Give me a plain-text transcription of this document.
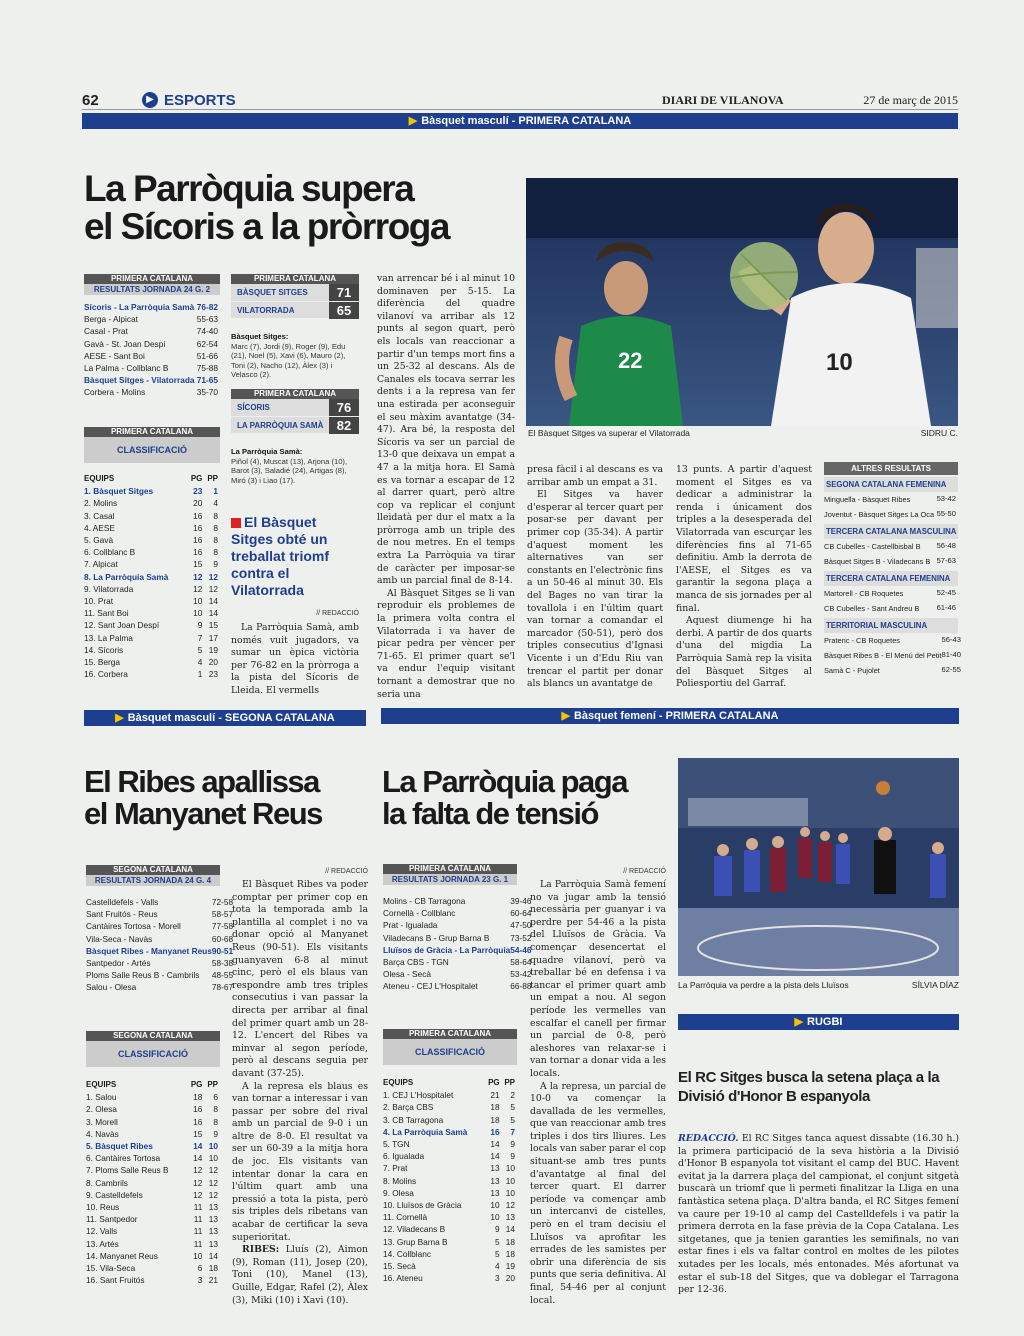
62	▶ ESPORTS	DIARI DE VILANOVA	27 de març de 2015
▶ Bàsquet masculí - PRIMERA CATALANA
La Parròquia supera
el Sícoris a la pròrroga
22	10
El Bàsquet Sitges va superar el Vilatorrada	SIDRU C.
PRIMERA CATALANA
RESULTATS JORNADA 24 G. 2
Sícoris - La Parròquia Samà	76-82
Berga - Alpicat	55-63
Casal - Prat	74-40
Gavà - St. Joan Despí	62-54
AESE - Sant Boi	51-66
La Palma - Collblanc B	75-88
Bàsquet Sitges - Vilatorrada	71-65
Corbera - Molins	35-70
PRIMERA CATALANA
CLASSIFICACIÓ
EQUIPS	PG	PP
1. Bàsquet Sitges	23	1
2. Molins	20	4
3. Casal	16	8
4. AESE	16	8
5. Gavà	16	8
6. Collblanc B	16	8
7. Alpicat	15	9
8. La Parròquia Samà	12	12
9. Vilatorrada	12	12
10. Prat	10	14
11. Sant Boi	10	14
12. Sant Joan Despí	9	15
13. La Palma	7	17
14. Sícoris	5	19
15. Berga	4	20
16. Corbera	1	23
PRIMERA CATALANA
BÀSQUET SITGES	71
VILATORRADA	65
Bàsquet Sitges:
Marc (7), Jordi (9), Roger (9), Edu (21), Noel (5), Xavi (6), Mauro (2), Toni (2), Nacho (12), Àlex (3) i Velasco (2).
PRIMERA CATALANA
SÍCORIS	76
LA PARRÒQUIA SAMÀ	82
La Parròquia Samà:
Piñol (4), Muscat (13), Arjona (10), Barot (3), Saladié (24), Artigas (8), Miró (3) i Liao (17).
El Bàsquet Sitges obté un treballat triomf contra el Vilatorrada
// REDACCIÓ

La Parròquia Samà, amb només vuit jugadors, va sumar un èpica victòria per 76-82 en la pròrroga a la pista del Sícoris de Lleida. El vermells

van arrencar bé i al minut 10 dominaven per 5-15. La diferència del quadre vilanoví va arribar als 12 punts al segon quart, però els locals van reaccionar a partir d'un temps mort fins a un 25-32 al descans. Als de Canales els tocava serrar les dents i a la represa van fer una estirada per aconseguir el seu màxim avantatge (34-47). Ara bé, la resposta del Sícoris va ser un parcial de 13-0 que deixava un empat a 47 a la mitja hora. El Samà es va tornar a escapar de 12 al darrer quart, però altre cop va replicar el conjunt lleidatà per dur el matx a la pròrroga amb un triple des de nou metres. En el temps extra La Parròquia va tirar de caràcter per imposar-se amb un parcial final de 8-14.

Al Bàsquet Sitges se li van reproduir els problemes de la primera volta contra el Vilatorrada i va haver de picar pedra per vèncer per 71-65. El primer quart se'l va endur l'equip visitant tornant a demostrar que no seria una

presa fàcil i al descans es va arribar amb un empat a 31.

El Sitges va haver d'esperar al tercer quart per posar-se per davant per primer cop (35-34). A partir d'aquest moment les alternatives van ser constants en l'electrònic fins a un 50-46 al minut 30. Els del Bages no van tirar la tovallola i en l'últim quart van tornar a comandar el marcador (50-51), però dos triples consecutius d'Ignasi Vicente i un d'Edu Riu van trencar el partit per donar als blancs un avantatge de

13 punts. A partir d'aquest moment el Sitges es va dedicar a administrar la renda i únicament dos triples a la desesperada del Vilatorrada van escurçar les diferències fins al 71-65 definitiu. Amb la derrota de l'AESE, el Sitges es va garantir la segona plaça a manca de sis jornades per al final.

Aquest diumenge hi ha derbi. A partir de dos quarts d'una del migdia La Parròquia Samà rep la visita del Bàsquet Sitges al Poliesportiu del Garraf.

ALTRES RESULTATS
SEGONA CATALANA FEMENINA
Minguella - Bàsquet Ribes	53-42
Joventut - Bàsquet Sitges La Oca	55-50
TERCERA CATALANA MASCULINA
CB Cubelles - Castellbisbal B	56-48
Bàsquet Sitges B - Viladecans B	57-63
TERCERA CATALANA FEMENINA
Martorell - CB Roquetes	52-45
CB Cubelles - Sant Andreu B	61-46
TERRITORIAL MASCULINA
Pratenc - CB Roquetes	56-43
Bàsquet Ribes B - El Menú del Petit	81-40
Samà C - Pujolet	62-55
▶ Bàsquet masculí - SEGONA CATALANA
El Ribes apallissa
el Manyanet Reus
SEGONA CATALANA
RESULTATS JORNADA 24 G. 4
Castelldefels - Valls	72-58
Sant Fruitós - Reus	58-57
Cantàires Tortosa - Morell	77-58
Vila-Seca - Navàs	60-68
Bàsquet Ribes - Manyanet Reus	90-51
Santpedor - Artés	58-38
Ploms Salle Reus B - Cambrils	48-55
Salou - Olesa	78-67
SEGONA CATALANA
CLASSIFICACIÓ
EQUIPS	PG	PP
1. Salou	18	6
2. Olesa	16	8
3. Morell	16	8
4. Navàs	15	9
5. Bàsquet Ribes	14	10
6. Cantàires Tortosa	14	10
7. Ploms Salle Reus B	12	12
8. Cambrils	12	12
9. Castelldefels	12	12
10. Reus	11	13
11. Santpedor	11	13
12. Valls	11	13
13. Artés	11	13
14. Manyanet Reus	10	14
15. Vila-Seca	6	18
16. Sant Fruitós	3	21
// REDACCIÓ

El Bàsquet Ribes va poder comptar per primer cop en tota la temporada amb la plantilla al complet i no va donar opció al Manyanet Reus (90-51). Els visitants guanyaven 6-8 al minut cinc, però el els blaus van respondre amb tres triples consecutius i van passar la directa per arribar al final del primer quart amb un 28-12. L'encert del Ribes va minvar al segon període, però al descans seguia per davant (37-25).

A la represa els blaus es van tornar a interessar i van passar per sobre del rival amb un parcial de 9-0 i un altre de 8-0. El resultat va ser un 60-39 a la mitja hora de joc. Els visitants van intentar donar la cara en l'últim quart amb una pressió a tota la pista, però sis triples dels ribetans van acabar de certificar la seva superioritat.

RIBES: Lluís (2), Aimon (9), Roman (11), Josep (20), Toni (10), Manel (13), Guille, Edgar, Rafel (2), Àlex (3), Miki (10) i Xavi (10).

▶ Bàsquet femení - PRIMERA CATALANA
La Parròquia paga
la falta de tensió
PRIMERA CATALANA
RESULTATS JORNADA 23 G. 1
Molins - CB Tarragona	39-46
Cornellà - Collblanc	60-64
Prat - Igualada	47-50
Viladecans B - Grup Barna B	73-52
Lluïsos de Gràcia - La Parròquia	54-46
Barça CBS - TGN	58-64
Olesa - Secà	53-42
Ateneu - CEJ L'Hospitalet	66-88
PRIMERA CATALANA
CLASSIFICACIÓ
EQUIPS	PG	PP
1. CEJ L'Hospitalet	21	2
2. Barça CBS	18	5
3. CB Tarragona	18	5
4. La Parròquia Samà	16	7
5. TGN	14	9
6. Igualada	14	9
7. Prat	13	10
8. Molins	13	10
9. Olesa	13	10
10. Lluïsos de Gràcia	10	12
11. Cornellà	10	13
12. Viladecans B	9	14
13. Grup Barna B	5	18
14. Collblanc	5	18
15. Secà	4	19
16. Ateneu	3	20
// REDACCIÓ

La Parròquia Samà femení no va jugar amb la tensió necessària per guanyar i va perdre per 54-46 a la pista del Lluïsos de Gràcia. Va començar desencertat el quadre vilanoví, però va treballar bé en defensa i va tancar el primer quart amb un empat a nou. Al segon període les vermelles van escalfar el canell per firmar un parcial de 0-8, però aleshores van relaxar-se i van tornar a donar vida a les locals.

A la represa, un parcial de 10-0 va començar la davallada de les vermelles, que van reaccionar amb tres triples i dos tirs lliures. Les locals van saber parar el cop situant-se amb tres punts d'avantatge al final del tercer quart. El darrer període va començar amb un intercanvi de cistelles, però en el tram decisiu el Lluïsos va aprofitar les errades de les samistes per obrir una diferència de sis punts que seria definitiva. Al final, 54-46 per al conjunt local.

La Parròquia va perdre a la pista dels Lluïsos	SÍLVIA DÍAZ
▶ RUGBI
El RC Sitges busca la setena plaça a la Divisió d'Honor B espanyola

REDACCIÓ. El RC Sitges tanca aquest dissabte (16.30 h.) la primera participació de la seva història a la Divisió d'Honor B espanyola tot visitant el camp del BUC. Havent evitat ja la darrera plaça del campionat, el conjunt sitgetà buscarà un triomf que li permeti finalitzar la Lliga en una fantàstica setena plaça. D'altra banda, el RC Sitges femení va caure per 19-10 al camp del Castelldefels i va patir la primera derrota en la fase prèvia de la Copa Catalana. Les sitgetanes, que ja tenien garanties les semifinals, no van estar fines i els va faltar control en moltes de les pilotes xutades per les locals, més entonades. Més afortunat va estar el sub-18 del Sitges, que va doblegar el Tarragona per 12-36.
